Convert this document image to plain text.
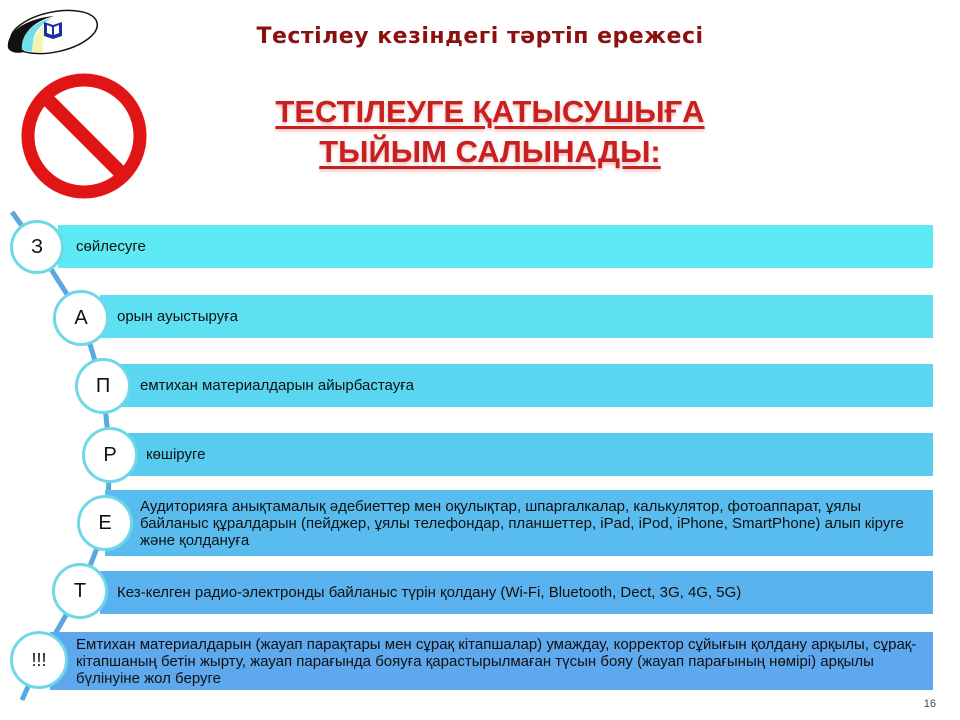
Тестілеу кезіндегі тәртіп ережесі
ТЕСТІЛЕУГЕ ҚАТЫСУШЫҒА
ТЫЙЫМ САЛЫНАДЫ:
сөйлесуге
орын ауыстыруға
емтихан материалдарын айырбастауға
көшіруге
Аудиторияға анықтамалық әдебиеттер мен оқулықтар, шпаргалкалар, калькулятор, фотоаппарат, ұялы байланыс құралдарын (пейджер, ұялы телефондар, планшеттер, iPad, iPod, iPhone, SmartPhone) алып кіруге және қолдануға
Кез-келген радио-электронды байланыс түрін қолдану (Wi-Fi, Bluetooth, Dect, 3G, 4G, 5G)
Емтихан материалдарын (жауап парақтары мен сұрақ кітапшалар) умаждау, корректор сұйығын қолдану арқылы, сұрақ-кітапшаның бетін жырту, жауап парағында бояуға қарастырылмаған түсын бояу (жауап парағының нөмірі) арқылы бүлінуіне жол беруге
З
А
П
Р
Е
Т
!!!
16
